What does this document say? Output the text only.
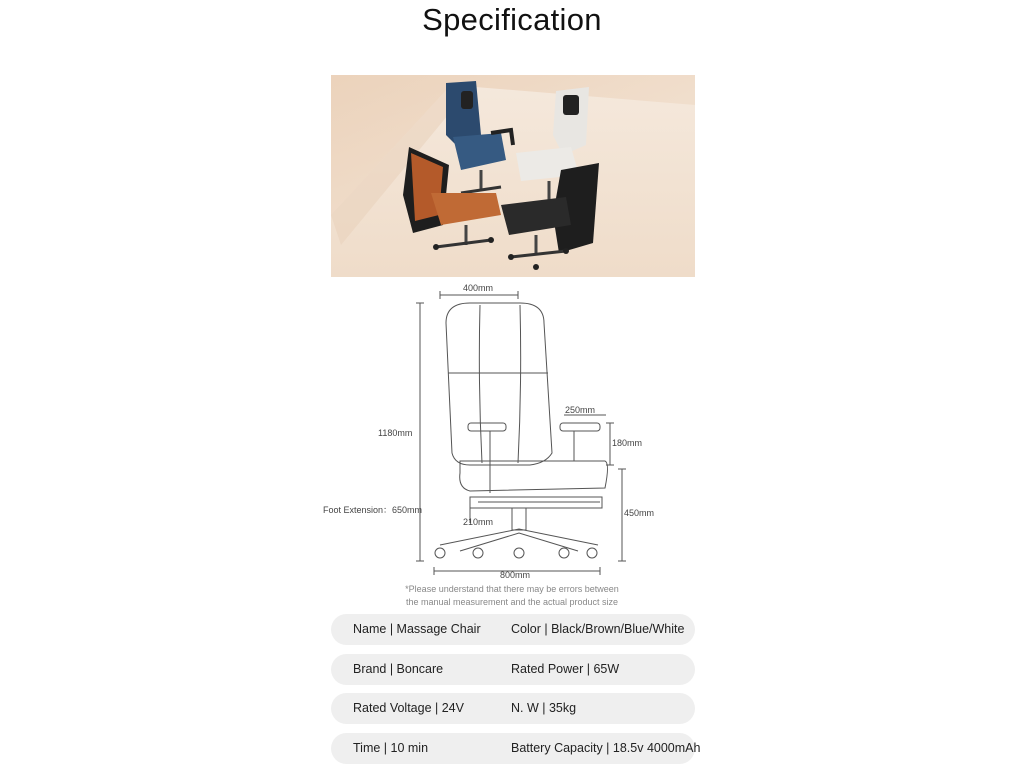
Specification
400mm
1180mm
250mm
180mm
Foot Extension：650mm	450mm
210mm
800mm
*Please understand that there may be errors between
the manual measurement and the actual product size
Name | Massage Chair Color | Black/Brown/Blue/White
Brand | Boncare	Rated Power | 65W
Rated Voltage | 24V	N. W | 35kg
Time | 10 min	Battery Capacity | 18.5v 4000mAh
